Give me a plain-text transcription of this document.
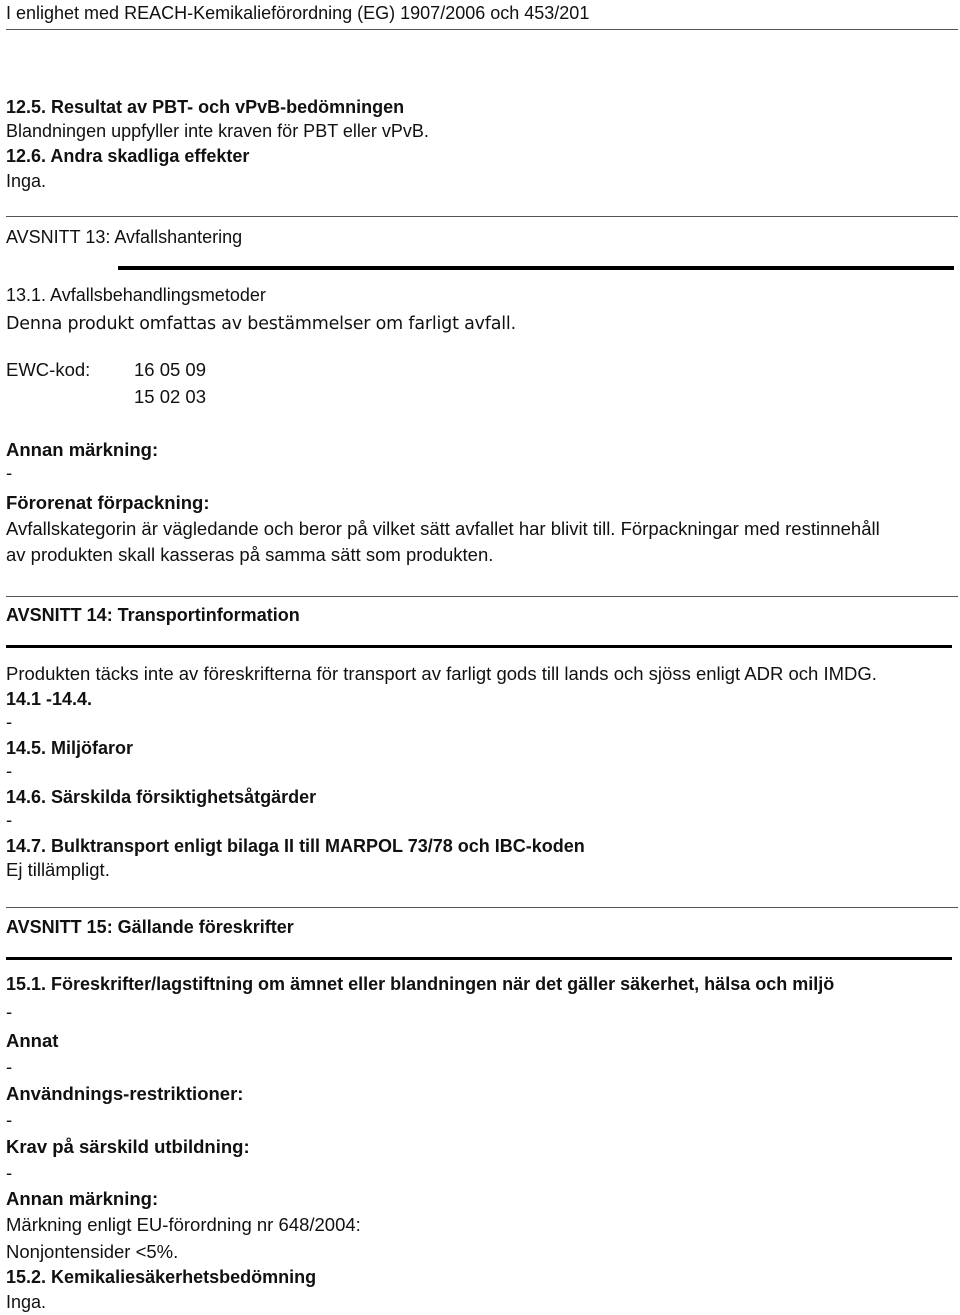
I enlighet med REACH-Kemikalieförordning (EG) 1907/2006 och 453/201
12.5. Resultat av PBT- och vPvB-bedömningen
Blandningen uppfyller inte kraven för PBT eller vPvB.
12.6. Andra skadliga effekter
Inga.
AVSNITT 13: Avfallshantering
13.1. Avfallsbehandlingsmetoder
Denna produkt omfattas av bestämmelser om farligt avfall.
EWC-kod: 16 05 09
15 02 03
Annan märkning:
-
Förorenat förpackning:
Avfallskategorin är vägledande och beror på vilket sätt avfallet har blivit till. Förpackningar med restinnehåll
av produkten skall kasseras på samma sätt som produkten.
AVSNITT 14: Transportinformation
Produkten täcks inte av föreskrifterna för transport av farligt gods till lands och sjöss enligt ADR och IMDG.
14.1 -14.4.
-
14.5. Miljöfaror
-
14.6. Särskilda försiktighetsåtgärder
-
14.7. Bulktransport enligt bilaga II till MARPOL 73/78 och IBC-koden
Ej tillämpligt.
AVSNITT 15: Gällande föreskrifter
15.1. Föreskrifter/lagstiftning om ämnet eller blandningen när det gäller säkerhet, hälsa och miljö
-
Annat
-
Användnings-restriktioner:
-
Krav på särskild utbildning:
-
Annan märkning:
Märkning enligt EU-förordning nr 648/2004:
Nonjontensider <5%.
15.2. Kemikaliesäkerhetsbedömning
Inga.
